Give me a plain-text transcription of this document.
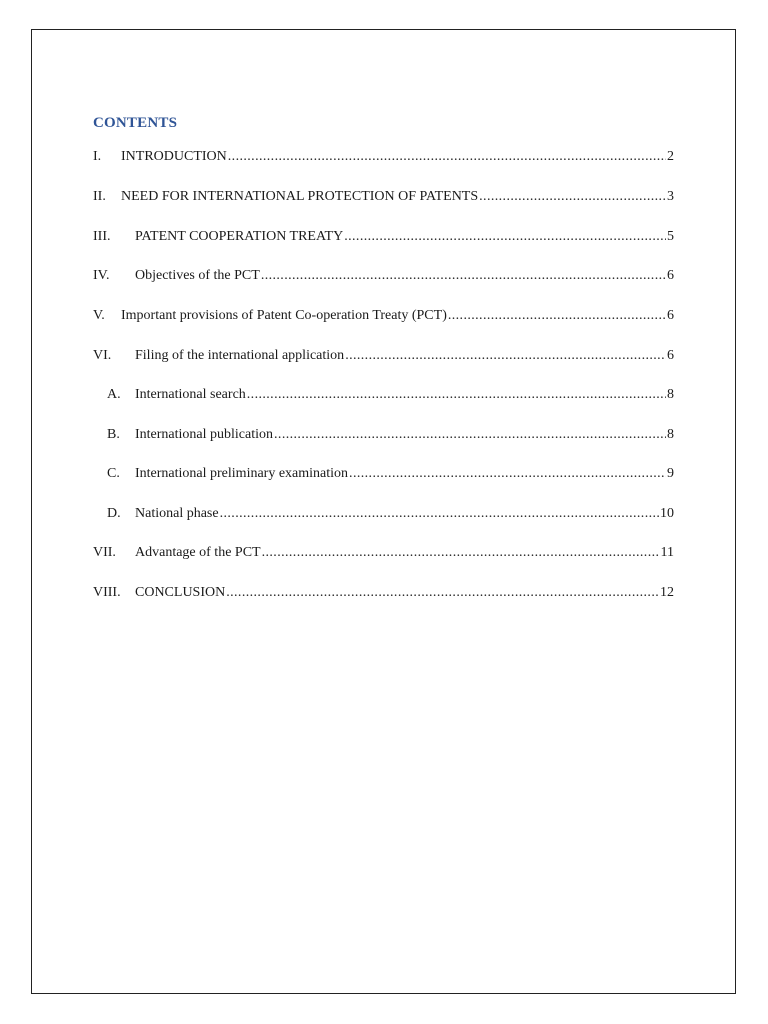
CONTENTS
I.	INTRODUCTION .....	2
II.	NEED FOR INTERNATIONAL PROTECTION OF PATENTS .....	3
III.	PATENT COOPERATION TREATY .....	5
IV.	Objectives of the PCT .....	6
V.	Important provisions of Patent Co-operation Treaty (PCT) .....	6
VI.	Filing of the international application .....	6
A.	International search .....	8
B.	International publication .....	8
C.	International preliminary examination .....	9
D.	National phase .....	10
VII.	Advantage of the PCT .....	11
VIII.	CONCLUSION .....	12
